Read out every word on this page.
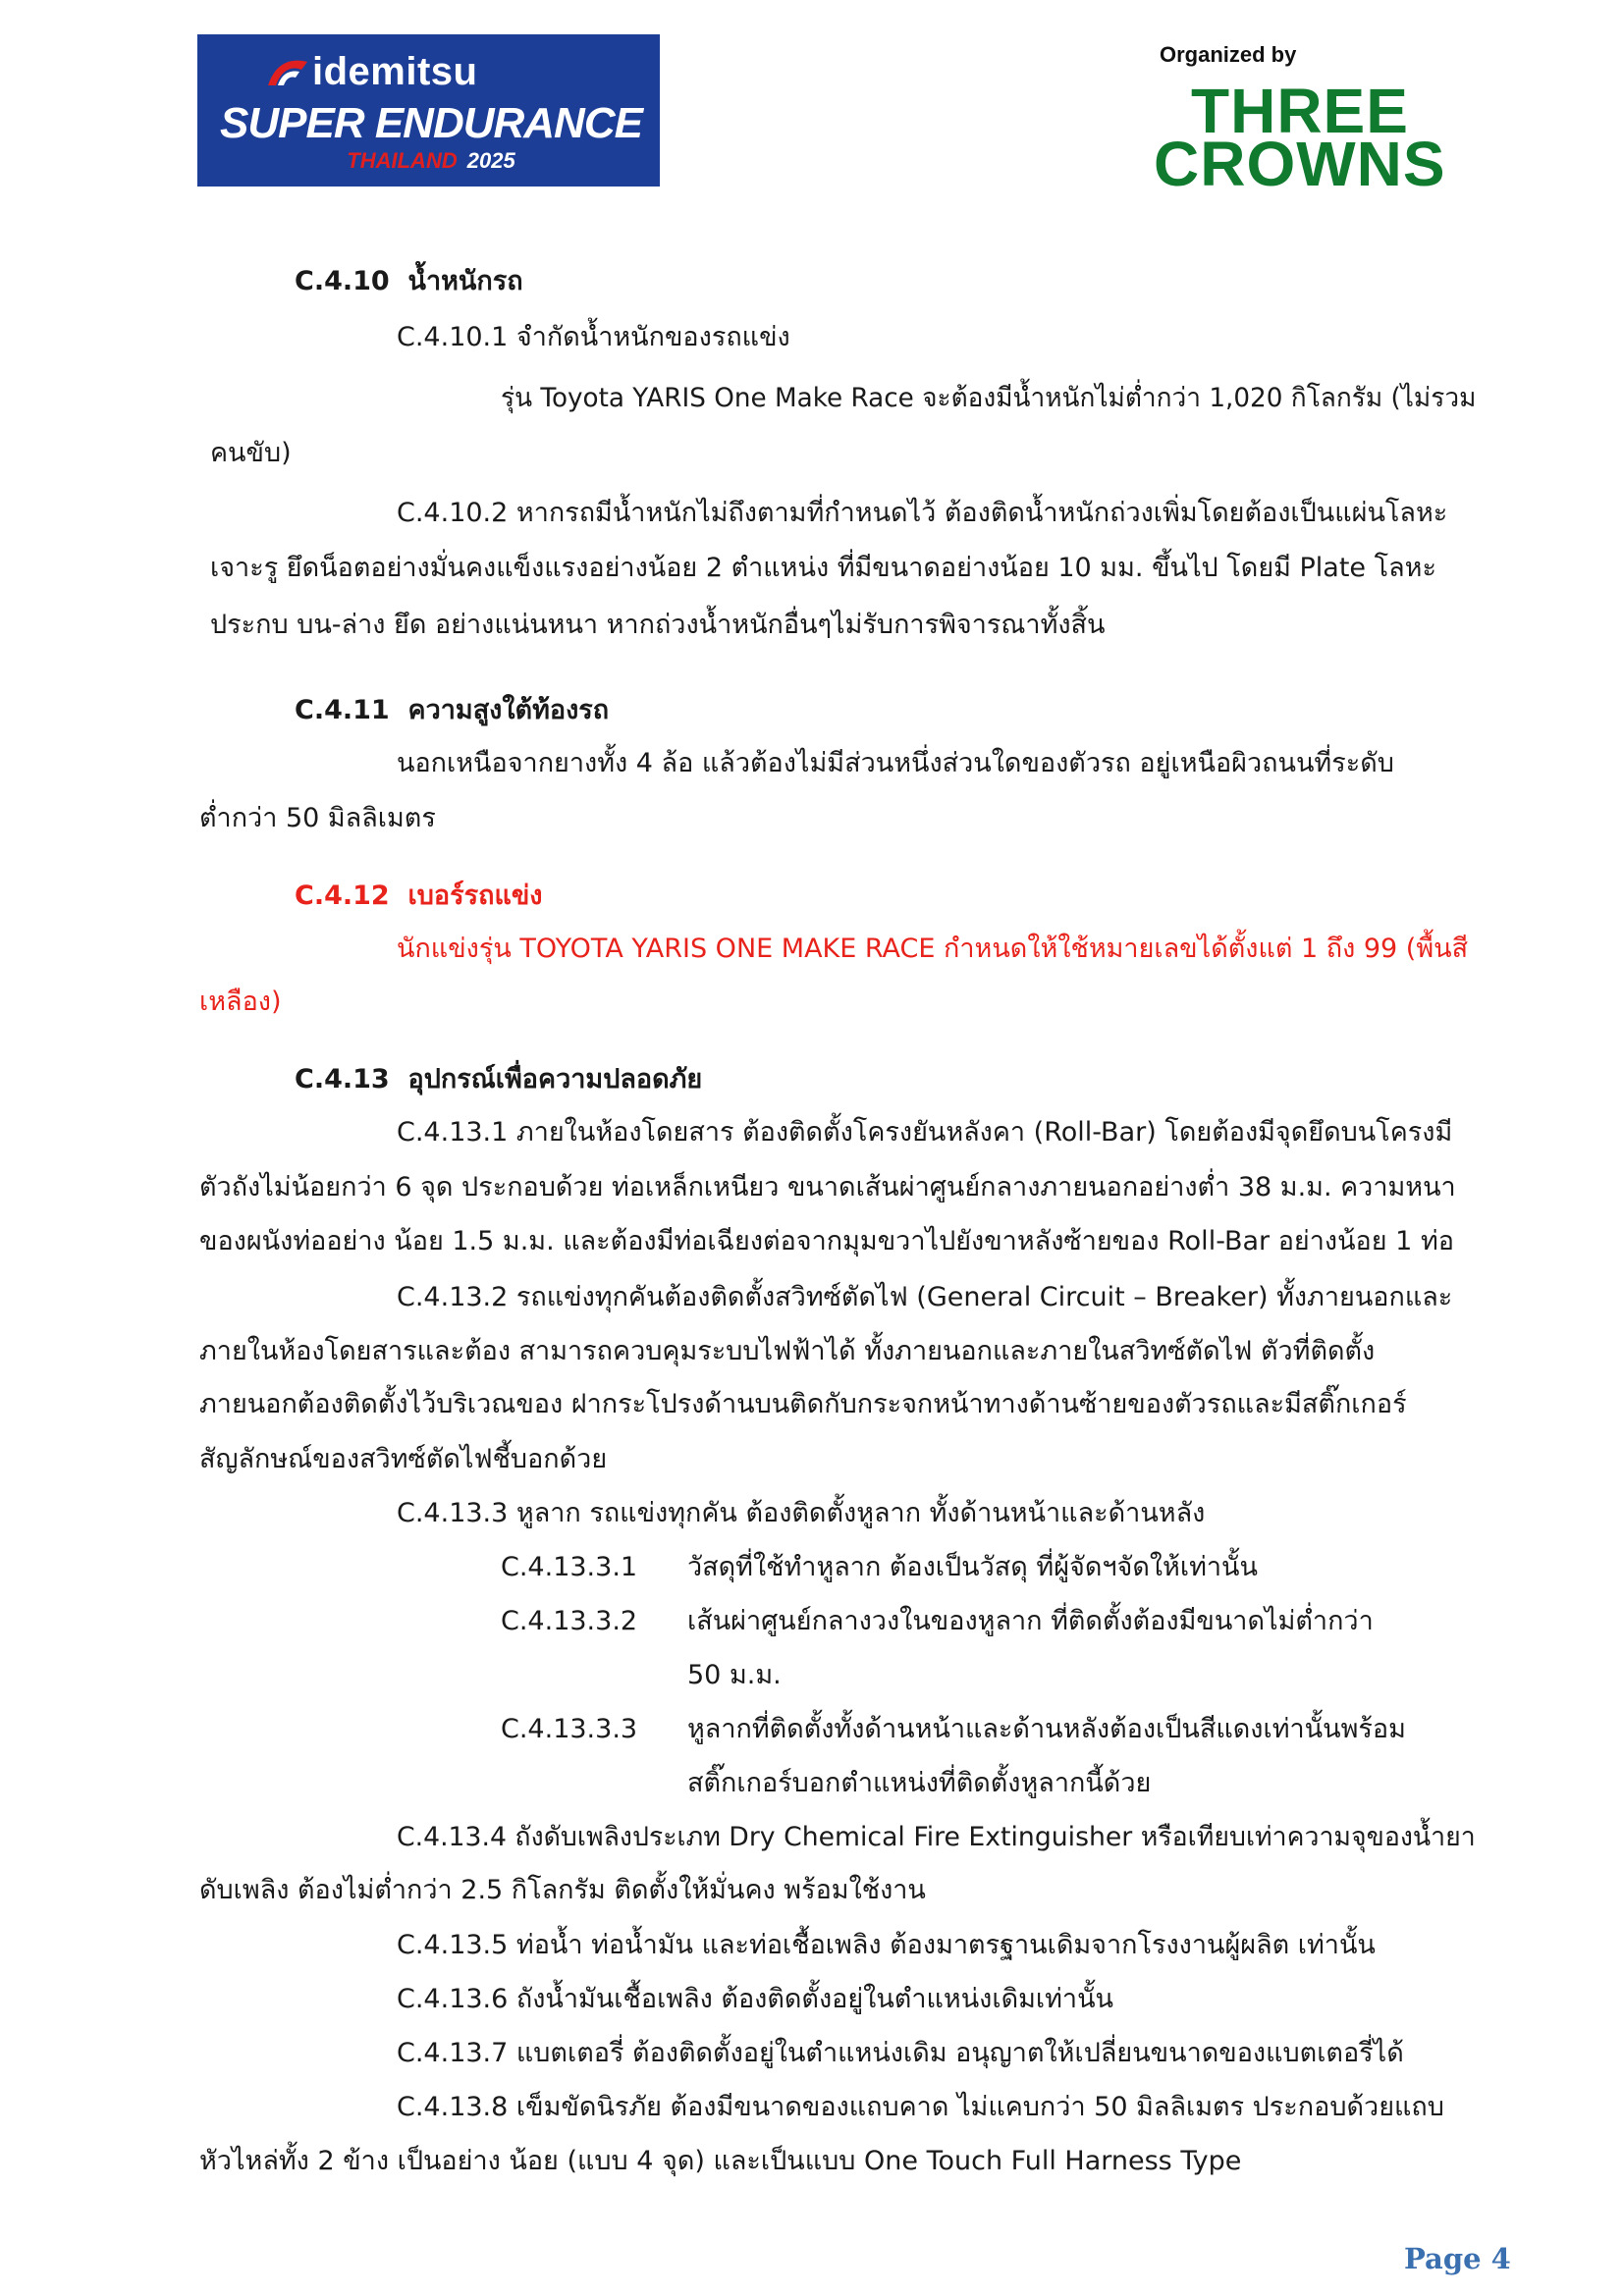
idemitsu
SUPER ENDURANCE
THAILAND 2025
Organized by
THREE
CROWNS
C.4.10 น้ำหนักรถ
C.4.10.1 จำกัดน้ำหนักของรถแข่ง
รุ่น Toyota YARIS One Make Race จะต้องมีน้ำหนักไม่ต่ำกว่า 1,020 กิโลกรัม (ไม่รวม
คนขับ)
C.4.10.2 หากรถมีน้ำหนักไม่ถึงตามที่กำหนดไว้ ต้องติดน้ำหนักถ่วงเพิ่มโดยต้องเป็นแผ่นโลหะ
เจาะรู ยึดน็อตอย่างมั่นคงแข็งแรงอย่างน้อย 2 ตำแหน่ง ที่มีขนาดอย่างน้อย 10 มม. ขึ้นไป โดยมี Plate โลหะ
ประกบ บน-ล่าง ยึด อย่างแน่นหนา หากถ่วงน้ำหนักอื่นๆไม่รับการพิจารณาทั้งสิ้น
C.4.11 ความสูงใต้ท้องรถ
นอกเหนือจากยางทั้ง 4 ล้อ แล้วต้องไม่มีส่วนหนึ่งส่วนใดของตัวรถ อยู่เหนือผิวถนนที่ระดับ
ต่ำกว่า 50 มิลลิเมตร
C.4.12 เบอร์รถแข่ง
นักแข่งรุ่น TOYOTA YARIS ONE MAKE RACE กำหนดให้ใช้หมายเลขได้ตั้งแต่ 1 ถึง 99 (พื้นสี
เหลือง)
C.4.13 อุปกรณ์เพื่อความปลอดภัย
C.4.13.1 ภายในห้องโดยสาร ต้องติดตั้งโครงยันหลังคา (Roll-Bar) โดยต้องมีจุดยึดบนโครงมี
ตัวถังไม่น้อยกว่า 6 จุด ประกอบด้วย ท่อเหล็กเหนียว ขนาดเส้นผ่าศูนย์กลางภายนอกอย่างต่ำ 38 ม.ม. ความหนา
ของผนังท่ออย่าง น้อย 1.5 ม.ม. และต้องมีท่อเฉียงต่อจากมุมขวาไปยังขาหลังซ้ายของ Roll-Bar อย่างน้อย 1 ท่อ
C.4.13.2 รถแข่งทุกคันต้องติดตั้งสวิทซ์ตัดไฟ (General Circuit – Breaker) ทั้งภายนอกและ
ภายในห้องโดยสารและต้อง สามารถควบคุมระบบไฟฟ้าได้ ทั้งภายนอกและภายในสวิทซ์ตัดไฟ ตัวที่ติดตั้ง
ภายนอกต้องติดตั้งไว้บริเวณของ ฝากระโปรงด้านบนติดกับกระจกหน้าทางด้านซ้ายของตัวรถและมีสติ๊กเกอร์
สัญลักษณ์ของสวิทซ์ตัดไฟชี้บอกด้วย
C.4.13.3 หูลาก รถแข่งทุกคัน ต้องติดตั้งหูลาก ทั้งด้านหน้าและด้านหลัง
C.4.13.3.1 วัสดุที่ใช้ทำหูลาก ต้องเป็นวัสดุ ที่ผู้จัดฯจัดให้เท่านั้น
C.4.13.3.2 เส้นผ่าศูนย์กลางวงในของหูลาก ที่ติดตั้งต้องมีขนาดไม่ต่ำกว่า
50 ม.ม.
C.4.13.3.3 หูลากที่ติดตั้งทั้งด้านหน้าและด้านหลังต้องเป็นสีแดงเท่านั้นพร้อม
สติ๊กเกอร์บอกตำแหน่งที่ติดตั้งหูลากนี้ด้วย
C.4.13.4 ถังดับเพลิงประเภท Dry Chemical Fire Extinguisher หรือเทียบเท่าความจุของน้ำยา
ดับเพลิง ต้องไม่ต่ำกว่า 2.5 กิโลกรัม ติดตั้งให้มั่นคง พร้อมใช้งาน
C.4.13.5 ท่อน้ำ ท่อน้ำมัน และท่อเชื้อเพลิง ต้องมาตรฐานเดิมจากโรงงานผู้ผลิต เท่านั้น
C.4.13.6 ถังน้ำมันเชื้อเพลิง ต้องติดตั้งอยู่ในตำแหน่งเดิมเท่านั้น
C.4.13.7 แบตเตอรี่ ต้องติดตั้งอยู่ในตำแหน่งเดิม อนุญาตให้เปลี่ยนขนาดของแบตเตอรี่ได้
C.4.13.8 เข็มขัดนิรภัย ต้องมีขนาดของแถบคาด ไม่แคบกว่า 50 มิลลิเมตร ประกอบด้วยแถบ
หัวไหล่ทั้ง 2 ข้าง เป็นอย่าง น้อย (แบบ 4 จุด) และเป็นแบบ One Touch Full Harness Type
Page 4
